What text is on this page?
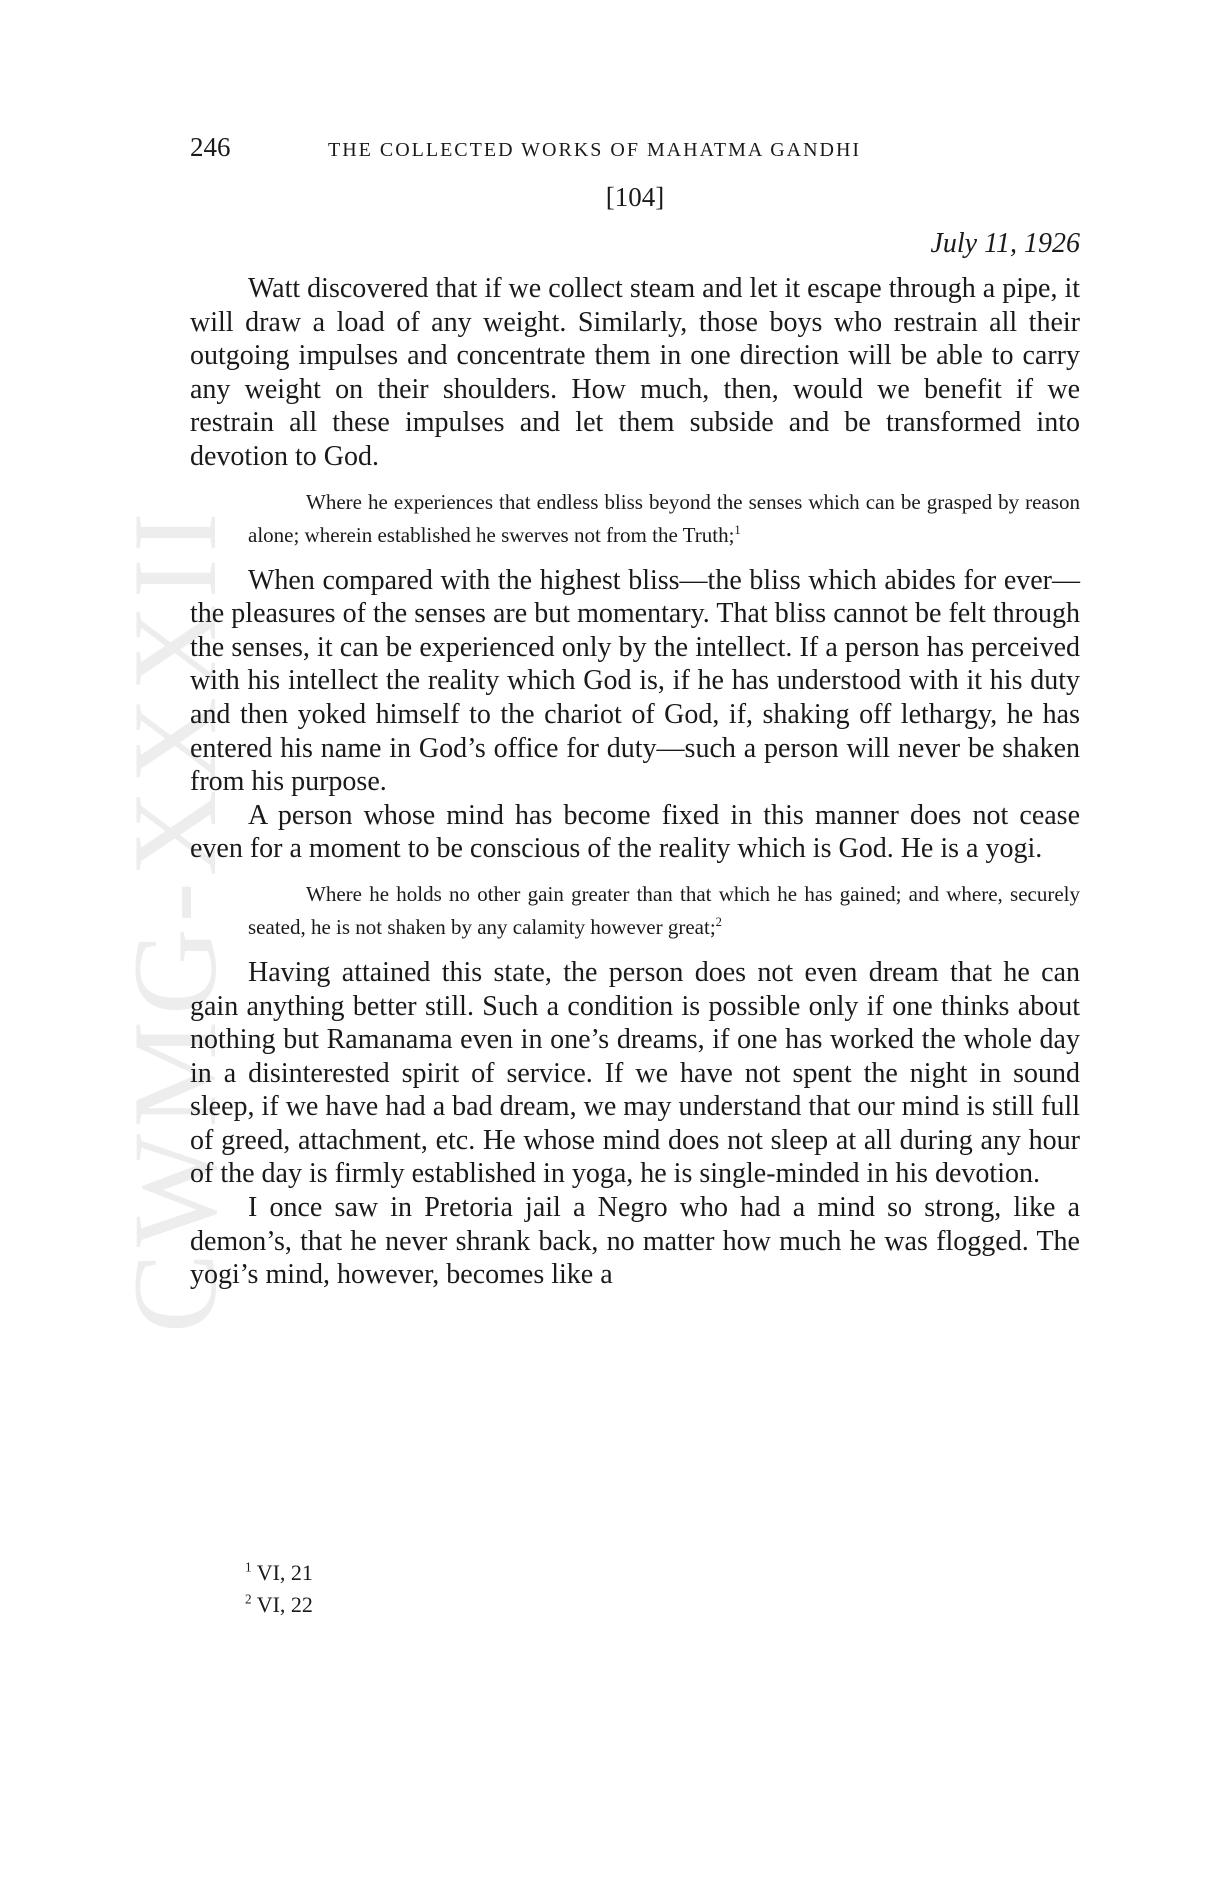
CWMG-XXXII
246	THE COLLECTED WORKS OF MAHATMA GANDHI
[104]
July 11, 1926

Watt discovered that if we collect steam and let it escape through a pipe, it will draw a load of any weight. Similarly, those boys who restrain all their outgoing impulses and concentrate them in one direction will be able to carry any weight on their shoulders. How much, then, would we benefit if we restrain all these impulses and let them subside and be transformed into devotion to God.

Where he experiences that endless bliss beyond the senses which can be grasped by reason alone; wherein established he swerves not from the Truth;$^1$

When compared with the highest bliss—the bliss which abides for ever—the pleasures of the senses are but momentary. That bliss cannot be felt through the senses, it can be experienced only by the intellect. If a person has perceived with his intellect the reality which God is, if he has understood with it his duty and then yoked himself to the chariot of God, if, shaking off lethargy, he has entered his name in God’s office for duty—such a person will never be shaken from his purpose.

A person whose mind has become fixed in this manner does not cease even for a moment to be conscious of the reality which is God. He is a yogi.

Where he holds no other gain greater than that which he has gained; and where, securely seated, he is not shaken by any calamity however great;$^2$

Having attained this state, the person does not even dream that he can gain anything better still. Such a condition is possible only if one thinks about nothing but Ramanama even in one’s dreams, if one has worked the whole day in a disinterested spirit of service. If we have not spent the night in sound sleep, if we have had a bad dream, we may understand that our mind is still full of greed, attachment, etc. He whose mind does not sleep at all during any hour of the day is firmly established in yoga, he is single-minded in his devotion.

I once saw in Pretoria jail a Negro who had a mind so strong, like a demon’s, that he never shrank back, no matter how much he was flogged. The yogi’s mind, however, becomes like a

$^1$ VI, 21
$^2$ VI, 22
